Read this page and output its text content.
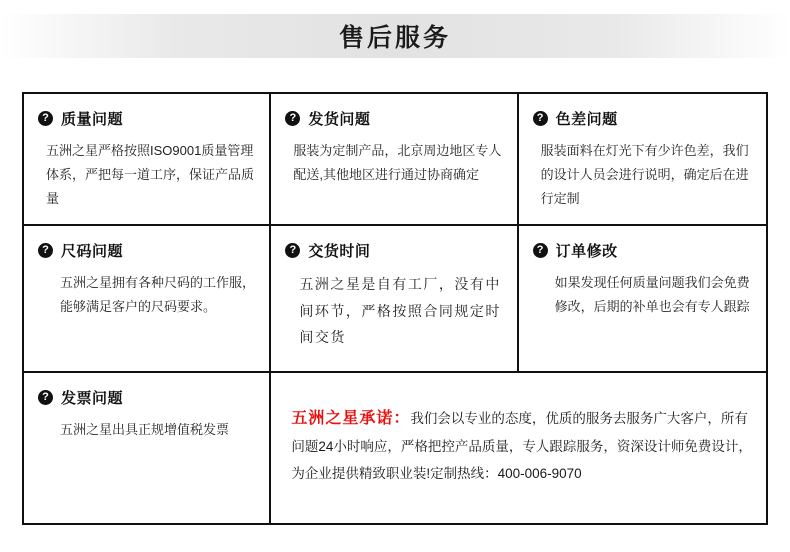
售后服务
? 质量问题
五洲之星严格按照ISO9001质量管理体系，严把每一道工序，保证产品质量
? 发货问题
服装为定制产品，北京周边地区专人配送,其他地区进行通过协商确定
? 色差问题
服装面料在灯光下有少许色差，我们的设计人员会进行说明，确定后在进行定制
? 尺码问题
五洲之星拥有各种尺码的工作服，能够满足客户的尺码要求。
? 交货时间
五洲之星是自有工厂，没有中间环节，严格按照合同规定时间交货
? 订单修改
如果发现任何质量问题我们会免费修改，后期的补单也会有专人跟踪
? 发票问题
五洲之星出具正规增值税发票
五洲之星承诺：我们会以专业的态度，优质的服务去服务广大客户，所有问题24小时响应，严格把控产品质量，专人跟踪服务，资深设计师免费设计，为企业提供精致职业装!定制热线：400-006-9070
